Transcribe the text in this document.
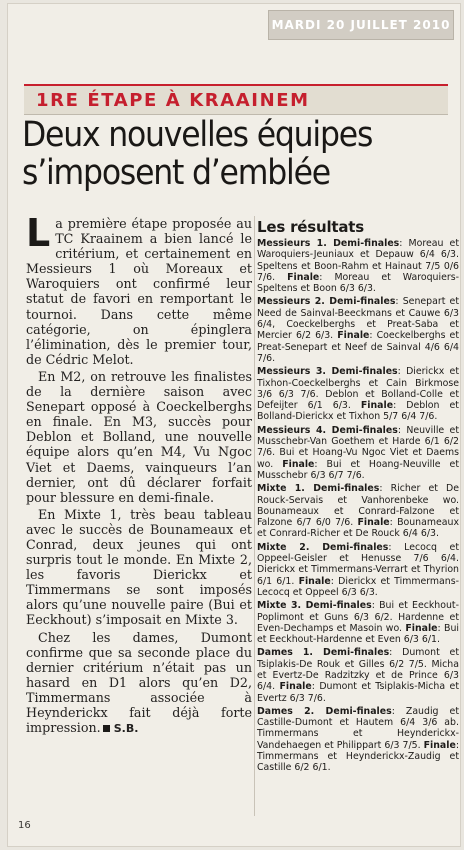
MARDI 20 JUILLET 2010
1RE ÉTAPE À KRAAINEM
Deux nouvelles équipes
s’imposent d’emblée

La première étape proposée au TC Kraainem a bien lancé le critérium, et certainement en Messieurs 1 où Moreaux et Waroquiers ont confirmé leur statut de favori en remportant le tournoi. Dans cette même catégorie, on épinglera l’élimination, dès le premier tour, de Cédric Melot.

En M2, on retrouve les finalistes de la dernière saison avec Senepart opposé à Coeckelberghs en finale. En M3, succès pour Deblon et Bolland, une nouvelle équipe alors qu’en M4, Vu Ngoc Viet et Daems, vainqueurs l’an dernier, ont dû déclarer forfait pour blessure en demi-finale.

En Mixte 1, très beau tableau avec le succès de Bounameaux et Conrad, deux jeunes qui ont surpris tout le monde. En Mixte 2, les favoris Dierickx et Timmermans se sont imposés alors qu’une nouvelle paire (Bui et Eeckhout) s’imposait en Mixte 3.

Chez les dames, Dumont confirme que sa seconde place du dernier critérium n’était pas un hasard en D1 alors qu’en D2, Timmermans associée à Heynderickx fait déjà forte impression. S.B.

Les résultats

Messieurs 1. Demi-finales: Moreau et Waroquiers-Jeuniaux et Depauw 6/4 6/3. Speltens et Boon-Rahm et Hainaut 7/5 0/6 7/6. Finale: Moreau et Waroquiers-Speltens et Boon 6/3 6/3.

Messieurs 2. Demi-finales: Senepart et Need de Sainval-Beeckmans et Cauwe 6/3 6/4, Coeckelberghs et Preat-Saba et Mercier 6/2 6/3. Finale: Coeckelberghs et Preat-Senepart et Neef de Sainval 4/6 6/4 7/6.

Messieurs 3. Demi-finales: Dierickx et Tixhon-Coeckelberghs et Cain Birkmose 3/6 6/3 7/6. Deblon et Bolland-Colle et Defeijter 6/1 6/3. Finale: Deblon et Bolland-Dierickx et Tixhon 5/7 6/4 7/6.

Messieurs 4. Demi-finales: Neuville et Musschebr-Van Goethem et Harde 6/1 6/2 7/6. Bui et Hoang-Vu Ngoc Viet et Daems wo. Finale: Bui et Hoang-Neuville et Musschebr 6/3 6/7 7/6.

Mixte 1. Demi-finales: Richer et De Rouck-Servais et Vanhorenbeke wo. Bounameaux et Conrard-Falzone et Falzone 6/7 6/0 7/6. Finale: Bounameaux et Conrard-Richer et De Rouck 6/4 6/3.

Mixte 2. Demi-finales: Lecocq et Oppeel-Geisler et Henusse 7/6 6/4. Dierickx et Timmermans-Verrart et Thyrion 6/1 6/1. Finale: Dierickx et Timmermans-Lecocq et Oppeel 6/3 6/3.

Mixte 3. Demi-finales: Bui et Eeckhout-Poplimont et Guns 6/3 6/2. Hardenne et Even-Dechamps et Masoin wo. Finale: Bui et Eeckhout-Hardenne et Even 6/3 6/1.

Dames 1. Demi-finales: Dumont et Tsiplakis-De Rouk et Gilles 6/2 7/5. Micha et Evertz-De Radzitzky et de Prince 6/3 6/4. Finale: Dumont et Tsiplakis-Micha et Evertz 6/3 7/6.

Dames 2. Demi-finales: Zaudig et Castille-Dumont et Hautem 6/4 3/6 ab. Timmermans et Heynderickx-Vandehaegen et Philippart 6/3 7/5. Finale: Timmermans et Heynderickx-Zaudig et Castille 6/2 6/1.

16
